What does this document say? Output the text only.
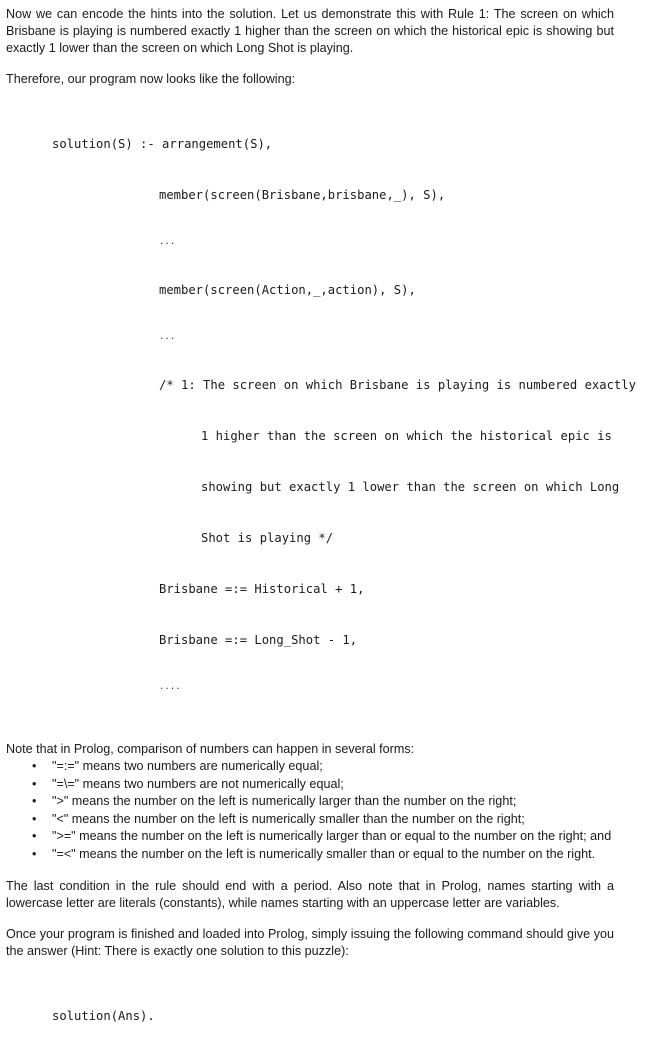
Now we can encode the hints into the solution. Let us demonstrate this with Rule 1: The screen on which Brisbane is playing is numbered exactly 1 higher than the screen on which the historical epic is showing but exactly 1 lower than the screen on which Long Shot is playing.

Therefore, our program now looks like the following:

solution(S) :- arrangement(S),

member(screen(Brisbane,brisbane,_), S),

...

member(screen(Action,_,action), S),

...

/* 1: The screen on which Brisbane is playing is numbered exactly

1 higher than the screen on which the historical epic is

showing but exactly 1 lower than the screen on which Long

Shot is playing */

Brisbane =:= Historical + 1,

Brisbane =:= Long_Shot - 1,

....

Note that in Prolog, comparison of numbers can happen in several forms:

• "=:=" means two numbers are numerically equal;
• "=\=" means two numbers are not numerically equal;
• ">" means the number on the left is numerically larger than the number on the right;
• "<" means the number on the left is numerically smaller than the number on the right;
• ">=" means the number on the left is numerically larger than or equal to the number on the right; and
• "=<" means the number on the left is numerically smaller than or equal to the number on the right.

The last condition in the rule should end with a period. Also note that in Prolog, names starting with a lowercase letter are literals (constants), while names starting with an uppercase letter are variables.

Once your program is finished and loaded into Prolog, simply issuing the following command should give you the answer (Hint: There is exactly one solution to this puzzle):

solution(Ans).
